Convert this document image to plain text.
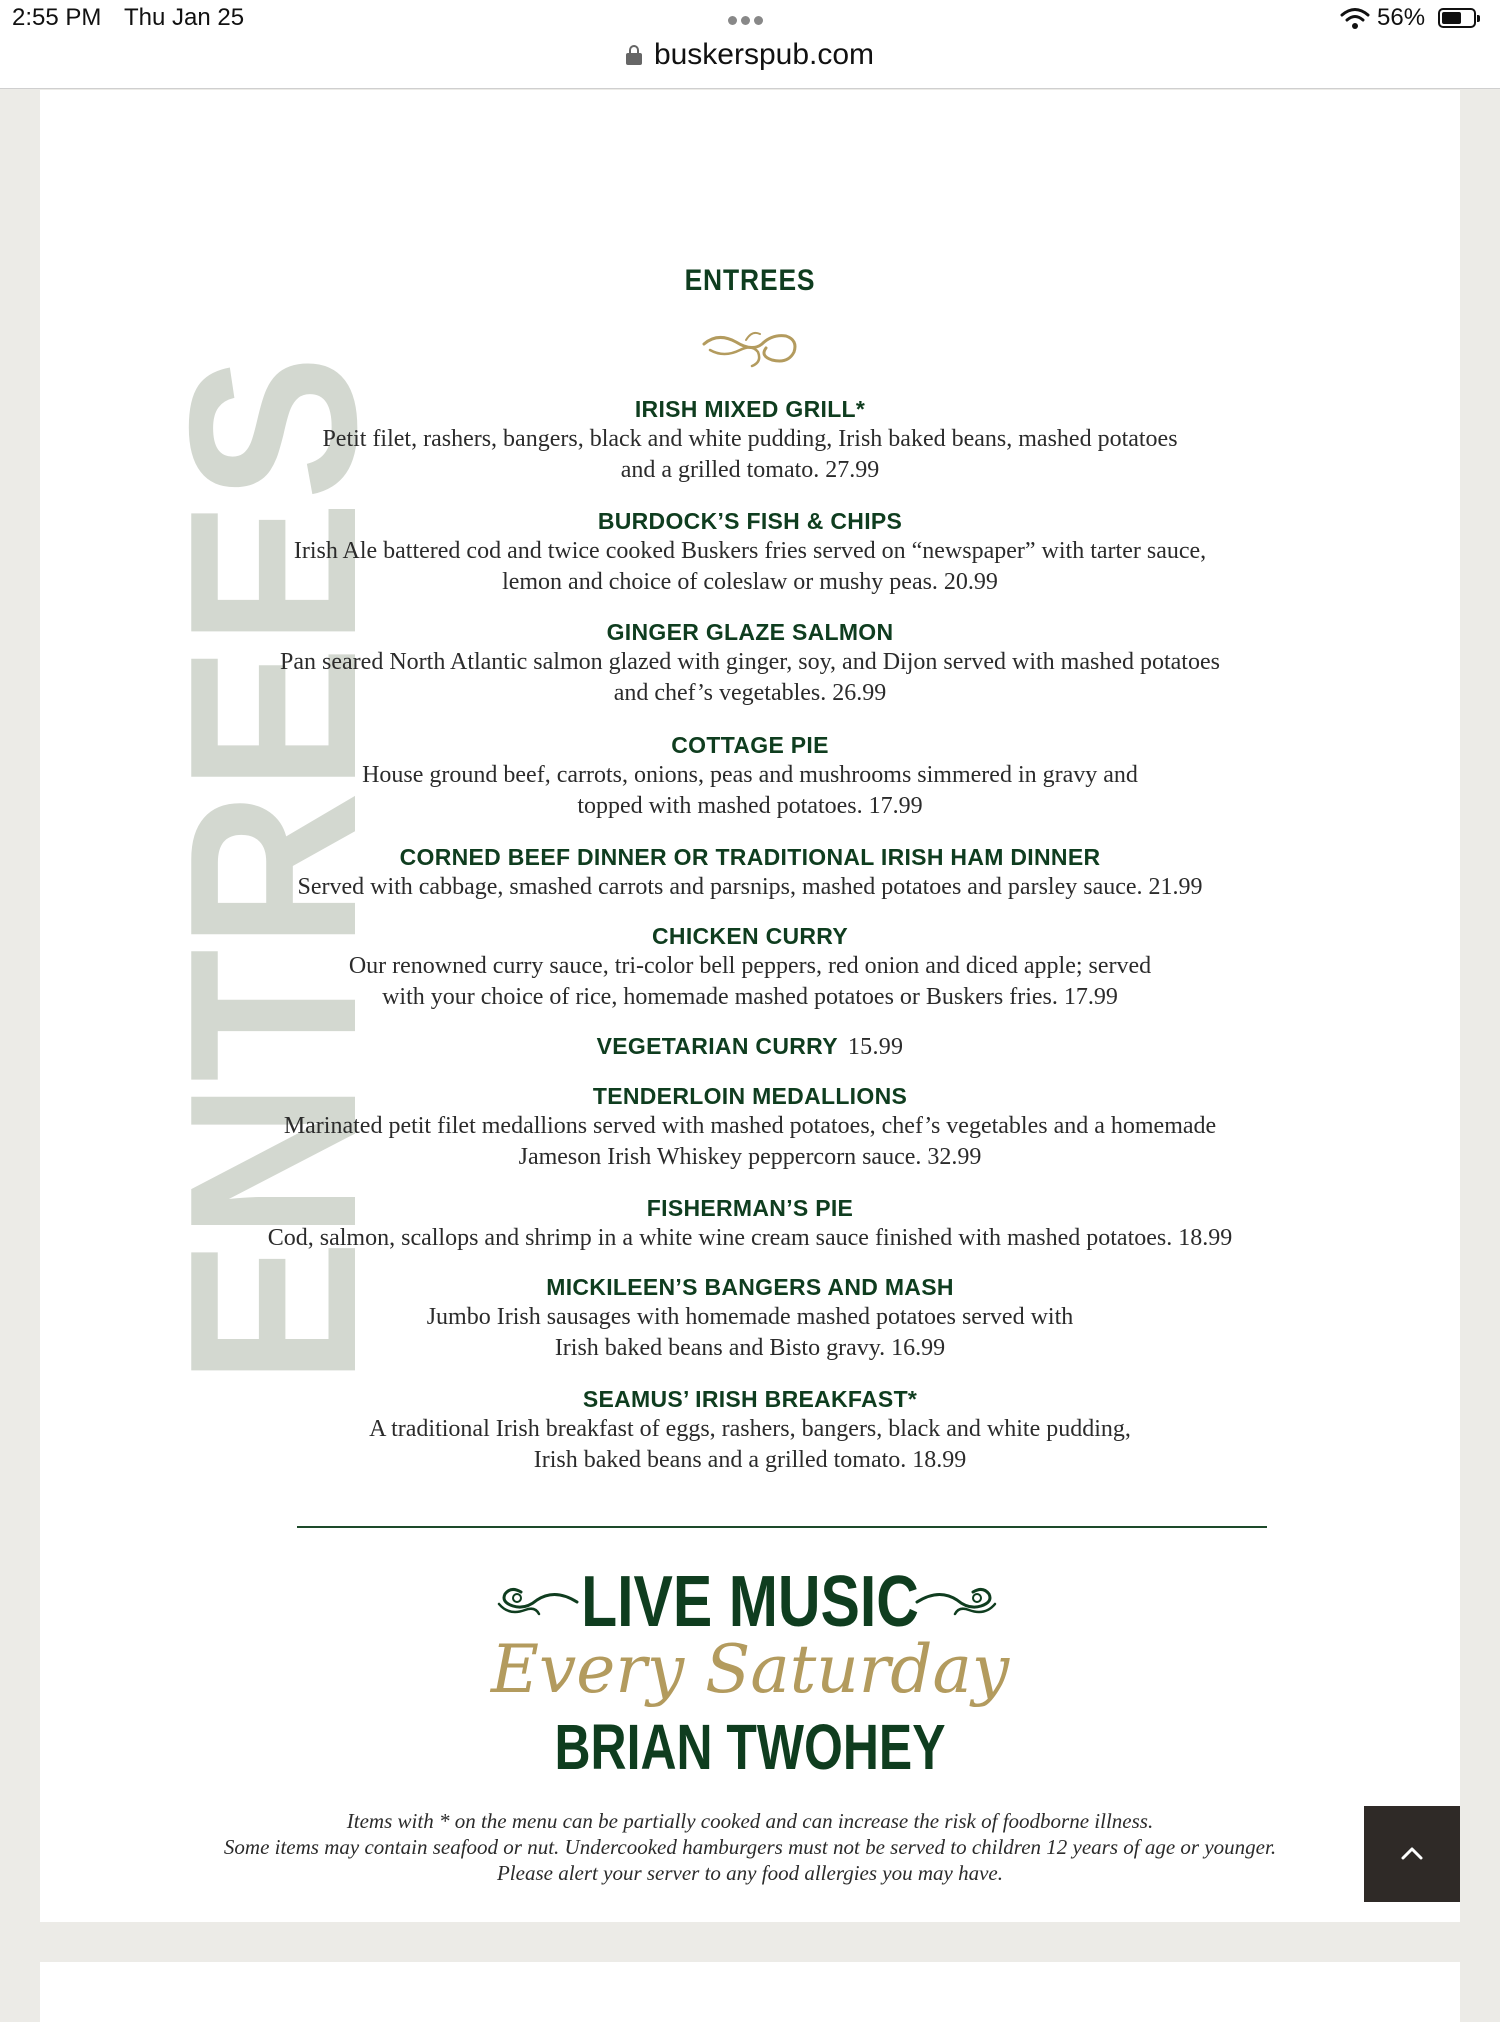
2:55 PM Thu Jan 25	56%
buskerspub.com
ENTREES	ENTREES
IRISH MIXED GRILL*
Petit filet, rashers, bangers, black and white pudding, Irish baked beans, mashed potatoes
and a grilled tomato. 27.99
BURDOCK’S FISH & CHIPS
Irish Ale battered cod and twice cooked Buskers fries served on “newspaper” with tarter sauce,
lemon and choice of coleslaw or mushy peas. 20.99
GINGER GLAZE SALMON
Pan seared North Atlantic salmon glazed with ginger, soy, and Dijon served with mashed potatoes
and chef’s vegetables. 26.99
COTTAGE PIE
House ground beef, carrots, onions, peas and mushrooms simmered in gravy and
topped with mashed potatoes. 17.99
CORNED BEEF DINNER OR TRADITIONAL IRISH HAM DINNER
Served with cabbage, smashed carrots and parsnips, mashed potatoes and parsley sauce. 21.99
CHICKEN CURRY
Our renowned curry sauce, tri-color bell peppers, red onion and diced apple; served
with your choice of rice, homemade mashed potatoes or Buskers fries. 17.99
VEGETARIAN CURRY 15.99
TENDERLOIN MEDALLIONS
Marinated petit filet medallions served with mashed potatoes, chef’s vegetables and a homemade
Jameson Irish Whiskey peppercorn sauce. 32.99
FISHERMAN’S PIE
Cod, salmon, scallops and shrimp in a white wine cream sauce finished with mashed potatoes. 18.99
MICKILEEN’S BANGERS AND MASH
Jumbo Irish sausages with homemade mashed potatoes served with
Irish baked beans and Bisto gravy. 16.99
SEAMUS’ IRISH BREAKFAST*
A traditional Irish breakfast of eggs, rashers, bangers, black and white pudding,
Irish baked beans and a grilled tomato. 18.99
LIVE MUSIC
Every Saturday
BRIAN TWOHEY
Items with * on the menu can be partially cooked and can increase the risk of foodborne illness.
Some items may contain seafood or nut. Undercooked hamburgers must not be served to children 12 years of age or younger.
Please alert your server to any food allergies you may have.
